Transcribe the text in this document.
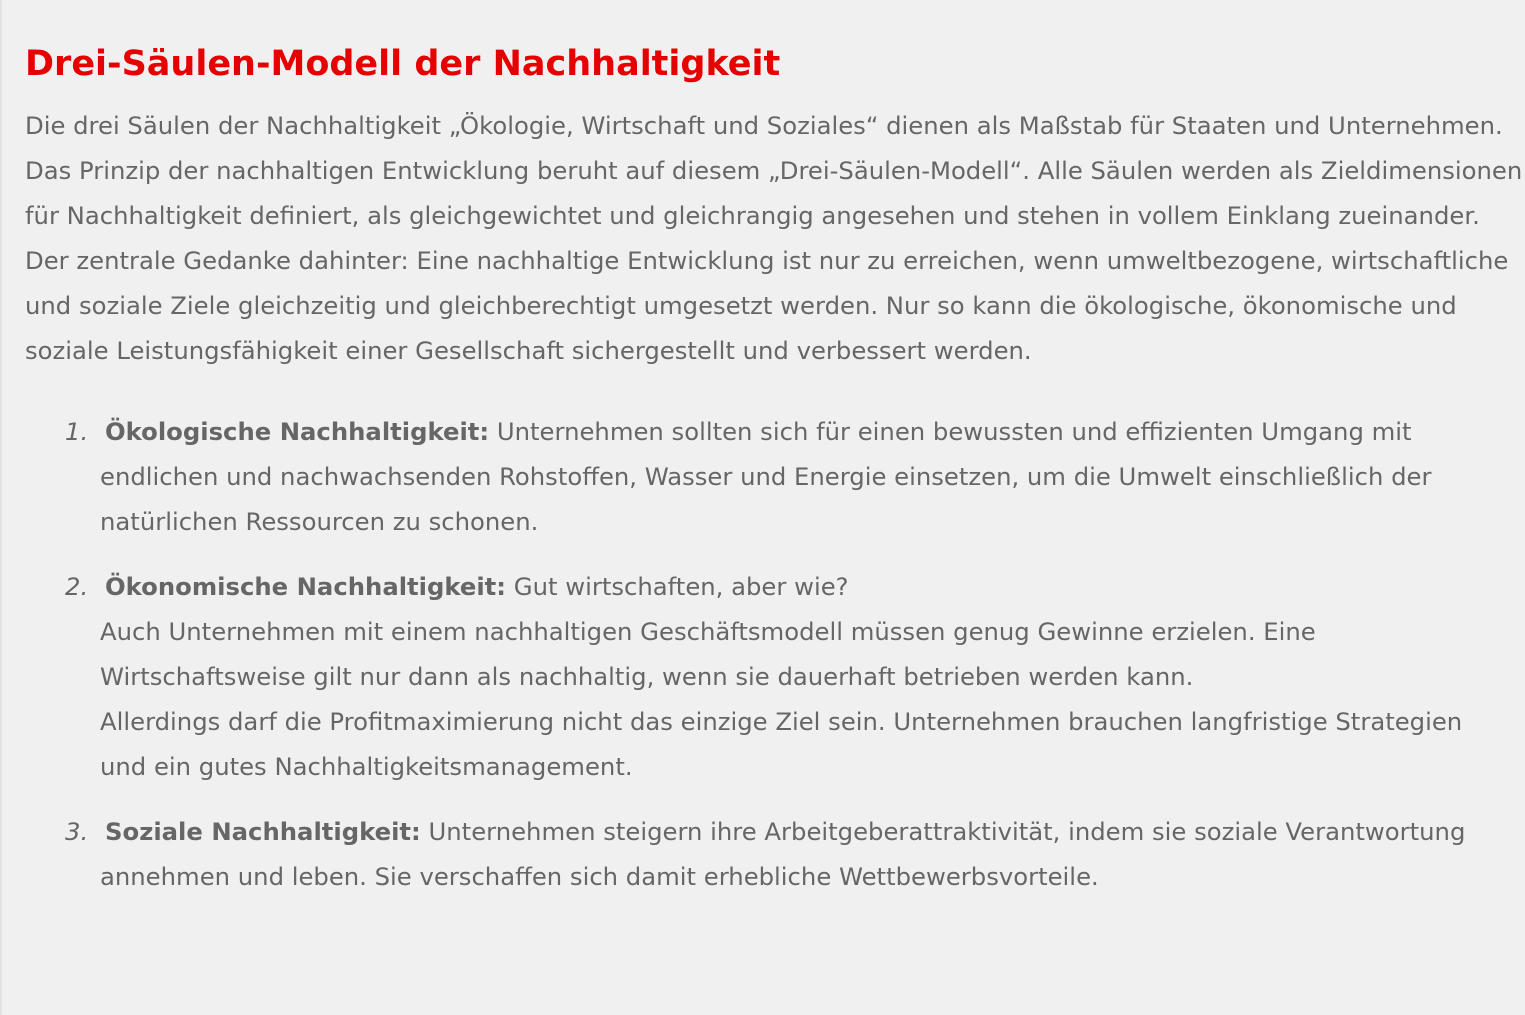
Drei-Säulen-Modell der Nachhaltigkeit

Die drei Säulen der Nachhaltigkeit „Ökologie, Wirtschaft und Soziales“ dienen als Maßstab für Staaten und Unternehmen. Das Prinzip der nachhaltigen Entwicklung beruht auf diesem „Drei-Säulen-Modell“. Alle Säulen werden als Zieldimensionen für Nachhaltigkeit definiert, als gleichgewichtet und gleichrangig angesehen und stehen in vollem Einklang zueinander. Der zentrale Gedanke dahinter: Eine nachhaltige Entwicklung ist nur zu erreichen, wenn umweltbezogene, wirtschaftliche und soziale Ziele gleichzeitig und gleichberechtigt umgesetzt werden. Nur so kann die ökologische, ökonomische und soziale Leistungsfähigkeit einer Gesellschaft sichergestellt und verbessert werden.

1. Ökologische Nachhaltigkeit: Unternehmen sollten sich für einen bewussten und effizienten Umgang mit endlichen und nachwachsenden Rohstoffen, Wasser und Energie einsetzen, um die Umwelt einschließlich der natürlichen Ressourcen zu schonen.
2. Ökonomische Nachhaltigkeit: Gut wirtschaften, aber wie?
Auch Unternehmen mit einem nachhaltigen Geschäftsmodell müssen genug Gewinne erzielen. Eine Wirtschaftsweise gilt nur dann als nachhaltig, wenn sie dauerhaft betrieben werden kann.
Allerdings darf die Profitmaximierung nicht das einzige Ziel sein. Unternehmen brauchen langfristige Strategien und ein gutes Nachhaltigkeitsmanagement.
3. Soziale Nachhaltigkeit: Unternehmen steigern ihre Arbeitgeberattraktivität, indem sie soziale Verantwortung annehmen und leben. Sie verschaffen sich damit erhebliche Wettbewerbsvorteile.
